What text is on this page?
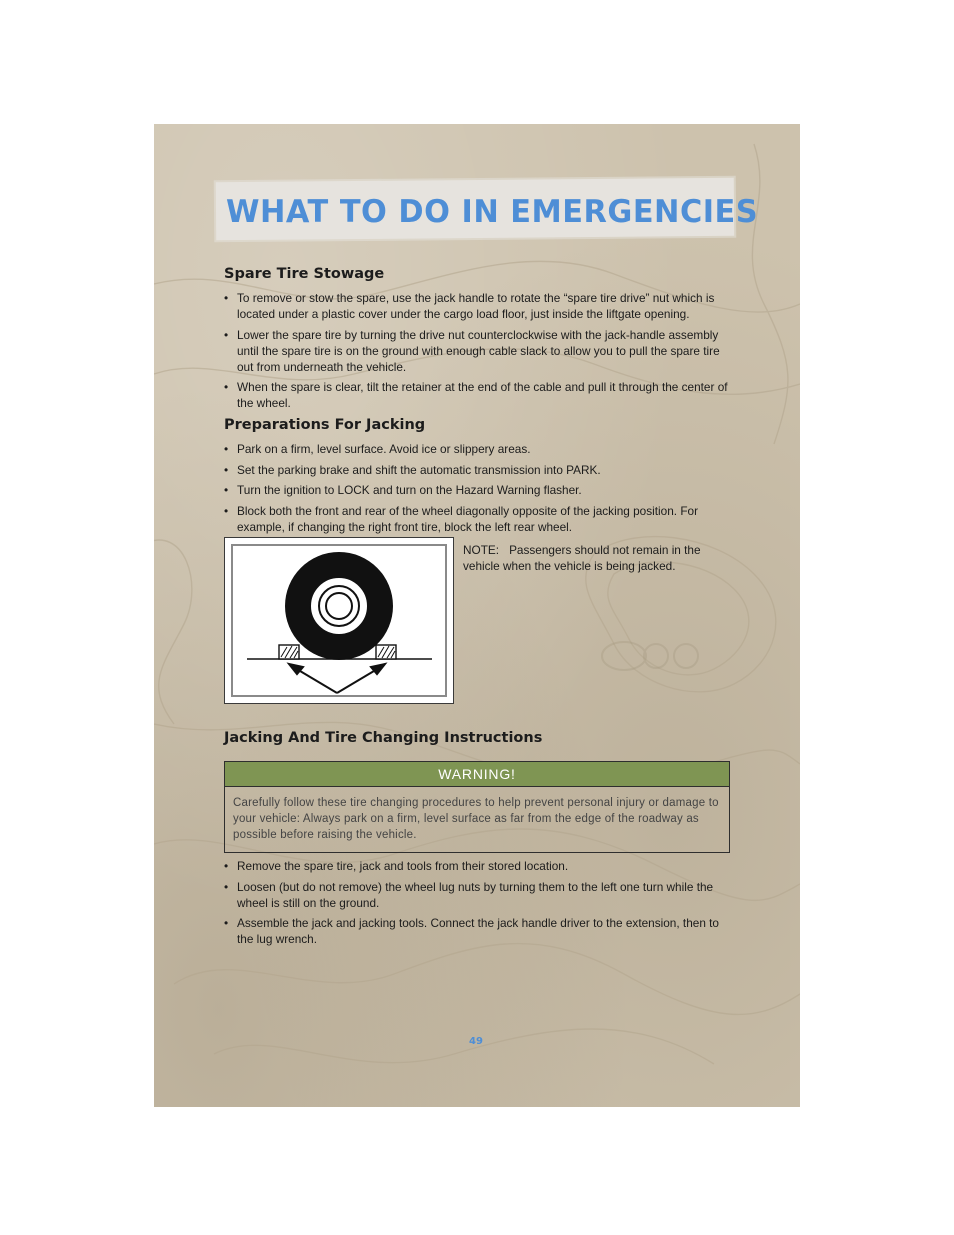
WHAT TO DO IN EMERGENCIES
Spare Tire Stowage
• To remove or stow the spare, use the jack handle to rotate the “spare tire drive” nut which is located under a plastic cover under the cargo load floor, just inside the liftgate opening.
• Lower the spare tire by turning the drive nut counterclockwise with the jack-handle assembly until the spare tire is on the ground with enough cable slack to allow you to pull the spare tire out from underneath the vehicle.
• When the spare is clear, tilt the retainer at the end of the cable and pull it through the center of the wheel.
Preparations For Jacking
• Park on a firm, level surface. Avoid ice or slippery areas.
• Set the parking brake and shift the automatic transmission into PARK.
• Turn the ignition to LOCK and turn on the Hazard Warning flasher.
• Block both the front and rear of the wheel diagonally opposite of the jacking position. For example, if changing the right front tire, block the left rear wheel.
NOTE: Passengers should not remain in the vehicle when the vehicle is being jacked.
Jacking And Tire Changing Instructions
WARNING!
Carefully follow these tire changing procedures to help prevent personal injury or damage to your vehicle: Always park on a firm, level surface as far from the edge of the roadway as possible before raising the vehicle.
• Remove the spare tire, jack and tools from their stored location.
• Loosen (but do not remove) the wheel lug nuts by turning them to the left one turn while the wheel is still on the ground.
• Assemble the jack and jacking tools. Connect the jack handle driver to the extension, then to the lug wrench.
49
